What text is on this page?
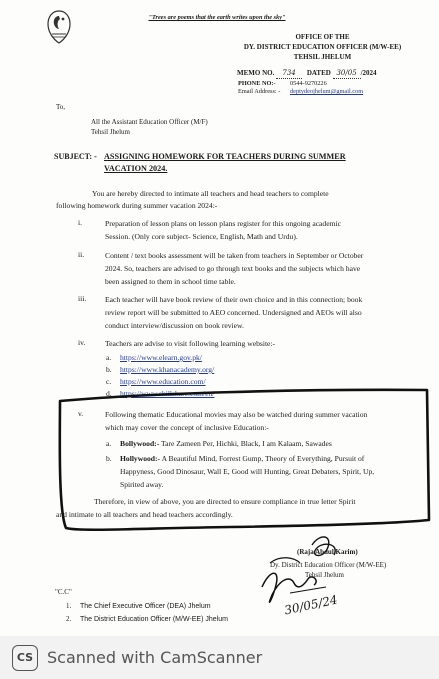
"Trees are poems that the earth writes upon the sky"
OFFICE OF THE
DY. DISTRICT EDUCATION OFFICER (M/W-EE)
TEHSIL JHELUM
MEMO NO. 734 DATED 30/05 /2024
PHONE NO:- 0544-9270226
Email Address: - deptydeojhelum@gmail.com
To,
All the Assistant Education Officer (M/F)
Tehsil Jhelum
SUBJECT: - ASSIGNING HOMEWORK FOR TEACHERS DURING SUMMER
VACATION 2024.
You are hereby directed to intimate all teachers and head teachers to complete
following homework during summer vacation 2024:-
i.	Preparation of lesson plans on lesson plans register for this ongoing academic
Session. (Only core subject- Science, English, Math and Urdu).
ii.	Content / text books assessment will be taken from teachers in September or October
2024. So, teachers are advised to go through text books and the subjects which have
been assigned to them in school time table.
iii. Each teacher will have book review of their own choice and in this connection; book
review report will be submitted to AEO concerned. Undersigned and AEOs will also
conduct interview/discussion on book review.
iv.	Teachers are advise to visit following learning website:-
a. https://www.elearn.gov.pk/
b. https://www.khanacademy.org/
c. https://www.education.com/
d. https://www.skillshare.com/en/
v.	Following thematic Educational movies may also be watched during summer vacation
which may cover the concept of inclusive Education:-
a. Bollywood:- Tare Zameen Per, Hichki, Black, I am Kalaam, Sawades
b. Hollywood:- A Beautiful Mind, Forrest Gump, Theory of Everything, Pursuit of
Happyness, Good Dinosaur, Wall E, Good will Hunting, Great Debaters, Spirit, Up,
Spirited away.
Therefore, in view of above, you are directed to ensure compliance in true letter Spirit
and intimate to all teachers and head teachers accordingly.
(Raja Abdul Karim)
Dy. District Education Officer (M/W-EE)
Tehsil Jhelum
30/05/24
"C.C"
1. The Chief Executive Officer (DEA) Jhelum
2. The District Education Officer (M/W-EE) Jhelum
CS Scanned with CamScanner
